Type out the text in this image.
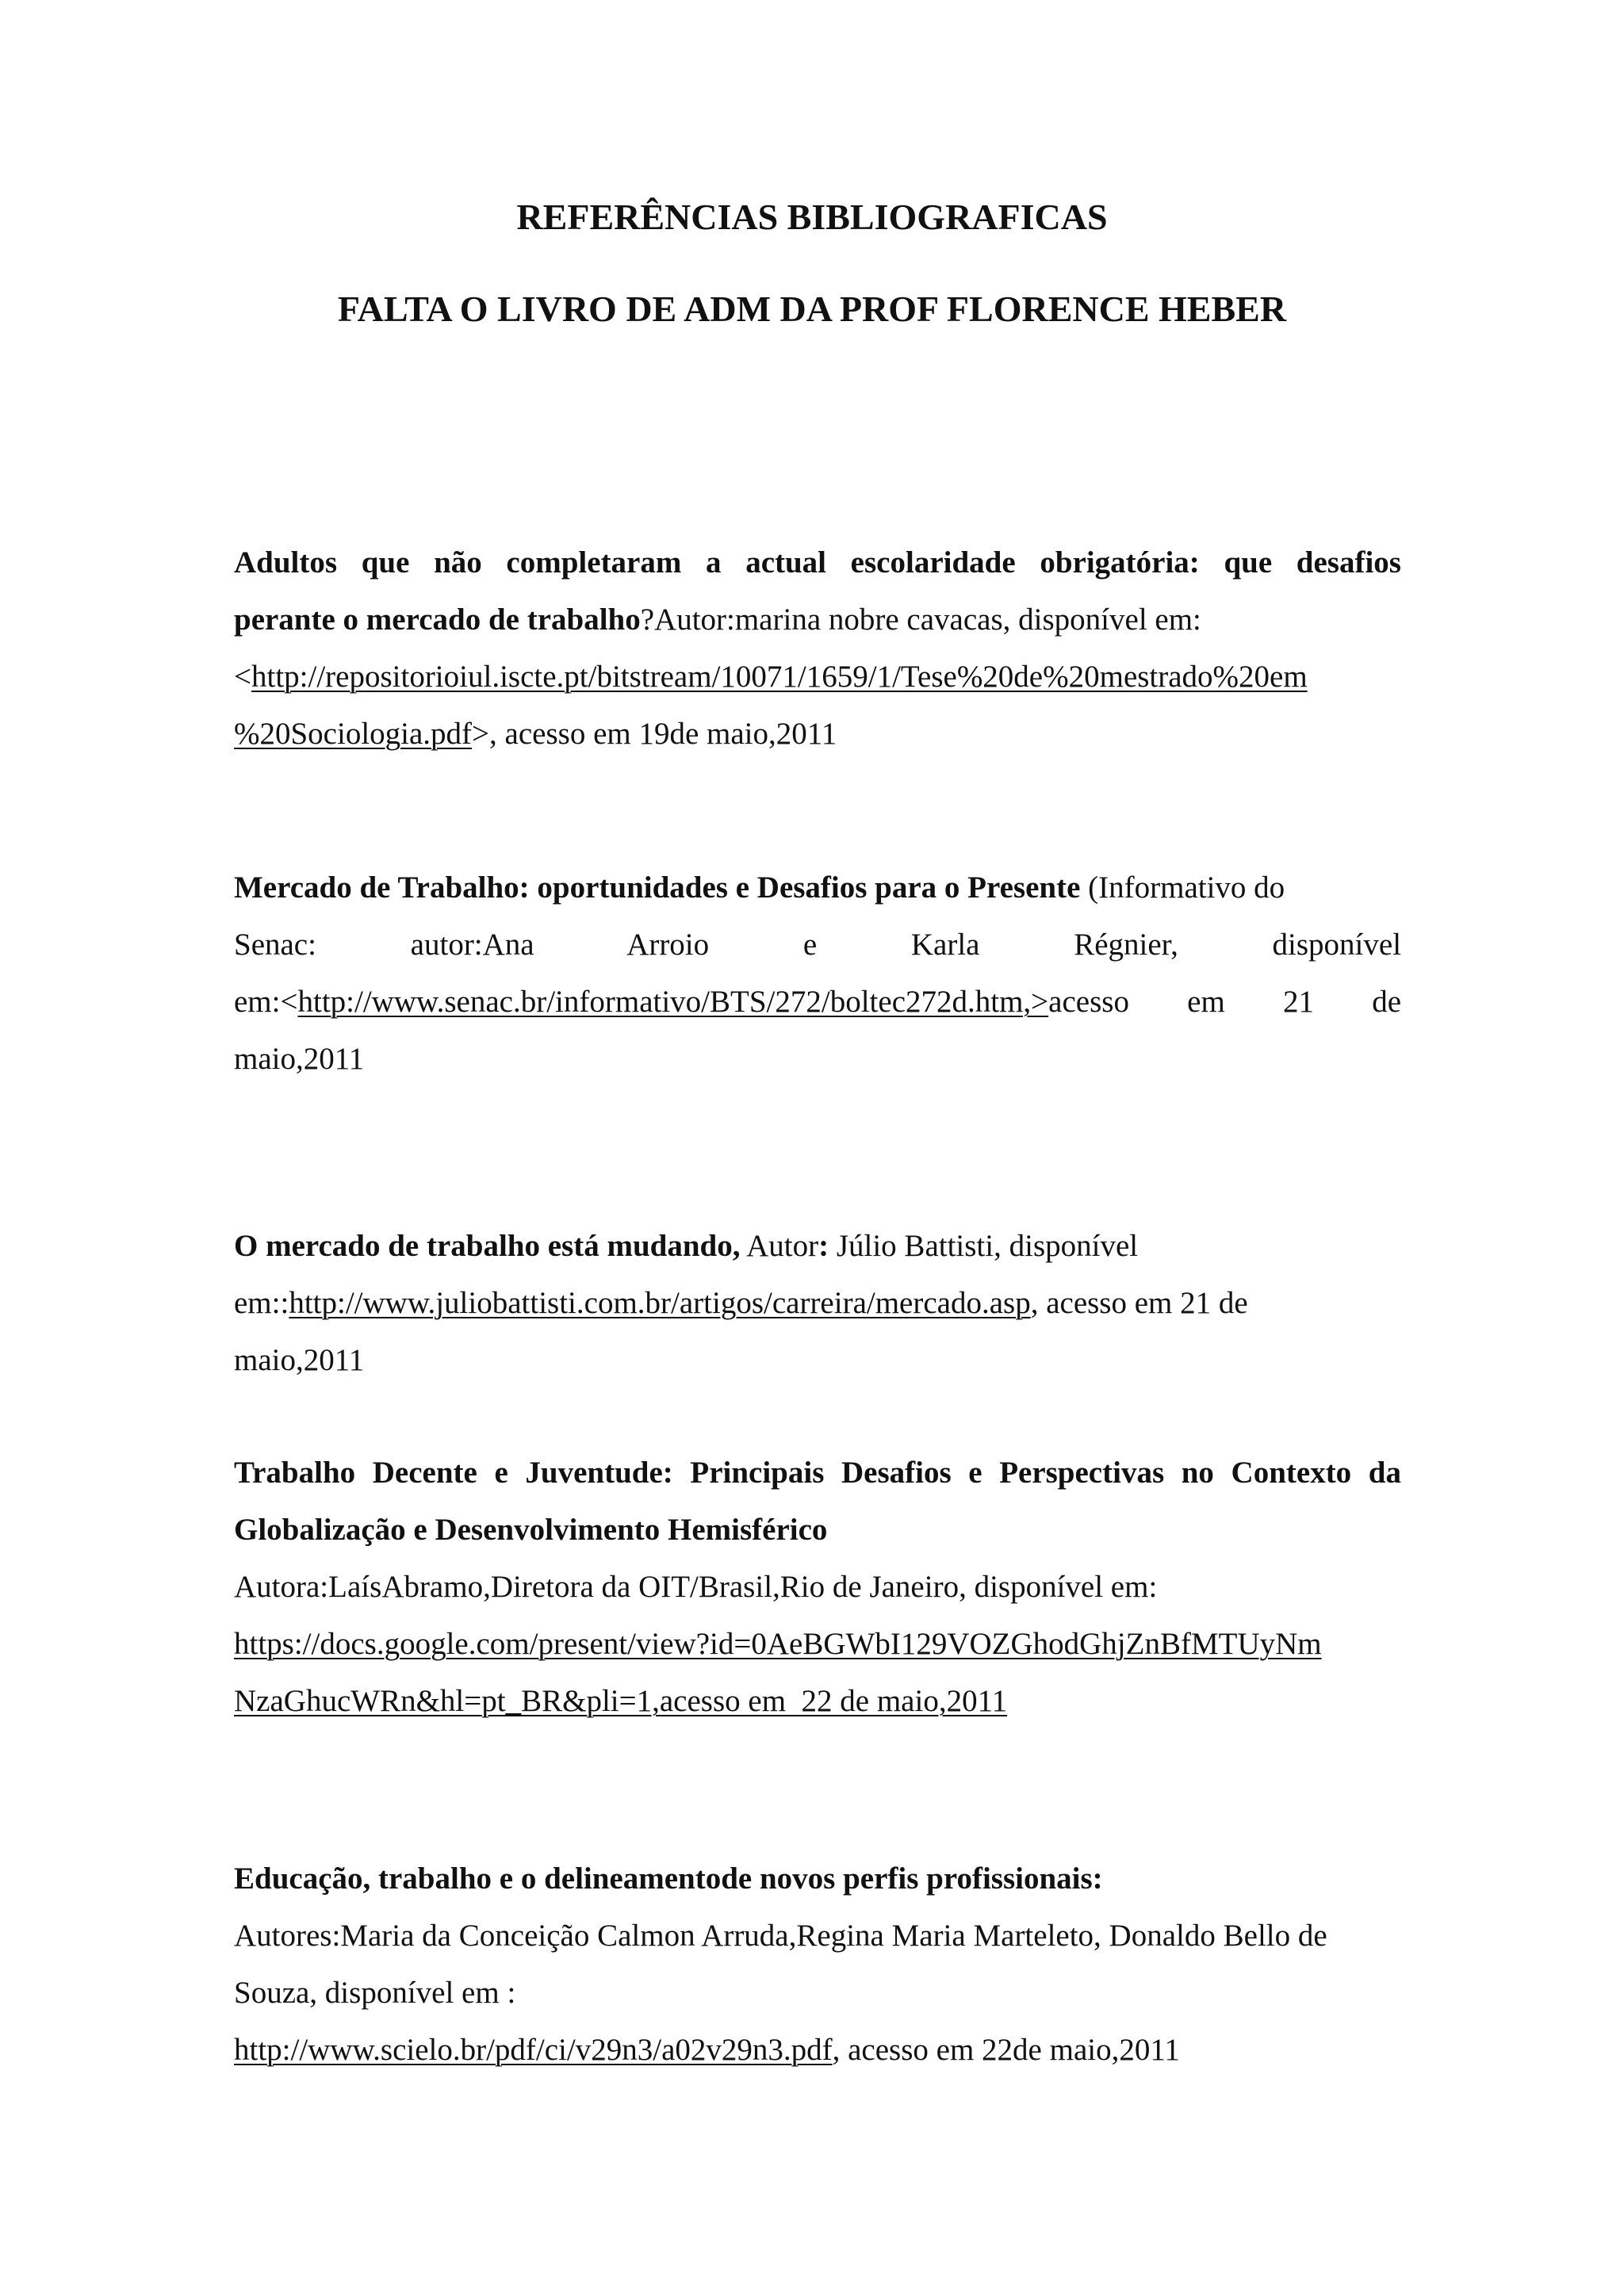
REFERÊNCIAS BIBLIOGRAFICAS
FALTA O LIVRO DE ADM DA PROF FLORENCE HEBER
Adultos que não completaram a actual escolaridade obrigatória: que desafios
perante o mercado de trabalho?Autor:marina nobre cavacas, disponível em:
<http://repositorioiul.iscte.pt/bitstream/10071/1659/1/Tese%20de%20mestrado%20em
%20Sociologia.pdf>, acesso em 19de maio,2011
Mercado de Trabalho: oportunidades e Desafios para o Presente (Informativo do
Senac:	autor:Ana	Arroio	e	Karla	Régnier,	disponível
em:<http://www.senac.br/informativo/BTS/272/boltec272d.htm,>acesso em 21 de
maio,2011
O mercado de trabalho está mudando, Autor: Júlio Battisti, disponível
em::http://www.juliobattisti.com.br/artigos/carreira/mercado.asp, acesso em 21 de
maio,2011
Trabalho Decente e Juventude: Principais Desafios e Perspectivas no Contexto da
Globalização e Desenvolvimento Hemisférico
Autora:LaísAbramo,Diretora da OIT/Brasil,Rio de Janeiro, disponível em:
https://docs.google.com/present/view?id=0AeBGWbI129VOZGhodGhjZnBfMTUyNm
NzaGhucWRn&hl=pt_BR&pli=1,acesso em  22 de maio,2011
Educação, trabalho e o delineamentode novos perfis profissionais:
Autores:Maria da Conceição Calmon Arruda,Regina Maria Marteleto, Donaldo Bello de
Souza, disponível em :
http://www.scielo.br/pdf/ci/v29n3/a02v29n3.pdf, acesso em 22de maio,2011
